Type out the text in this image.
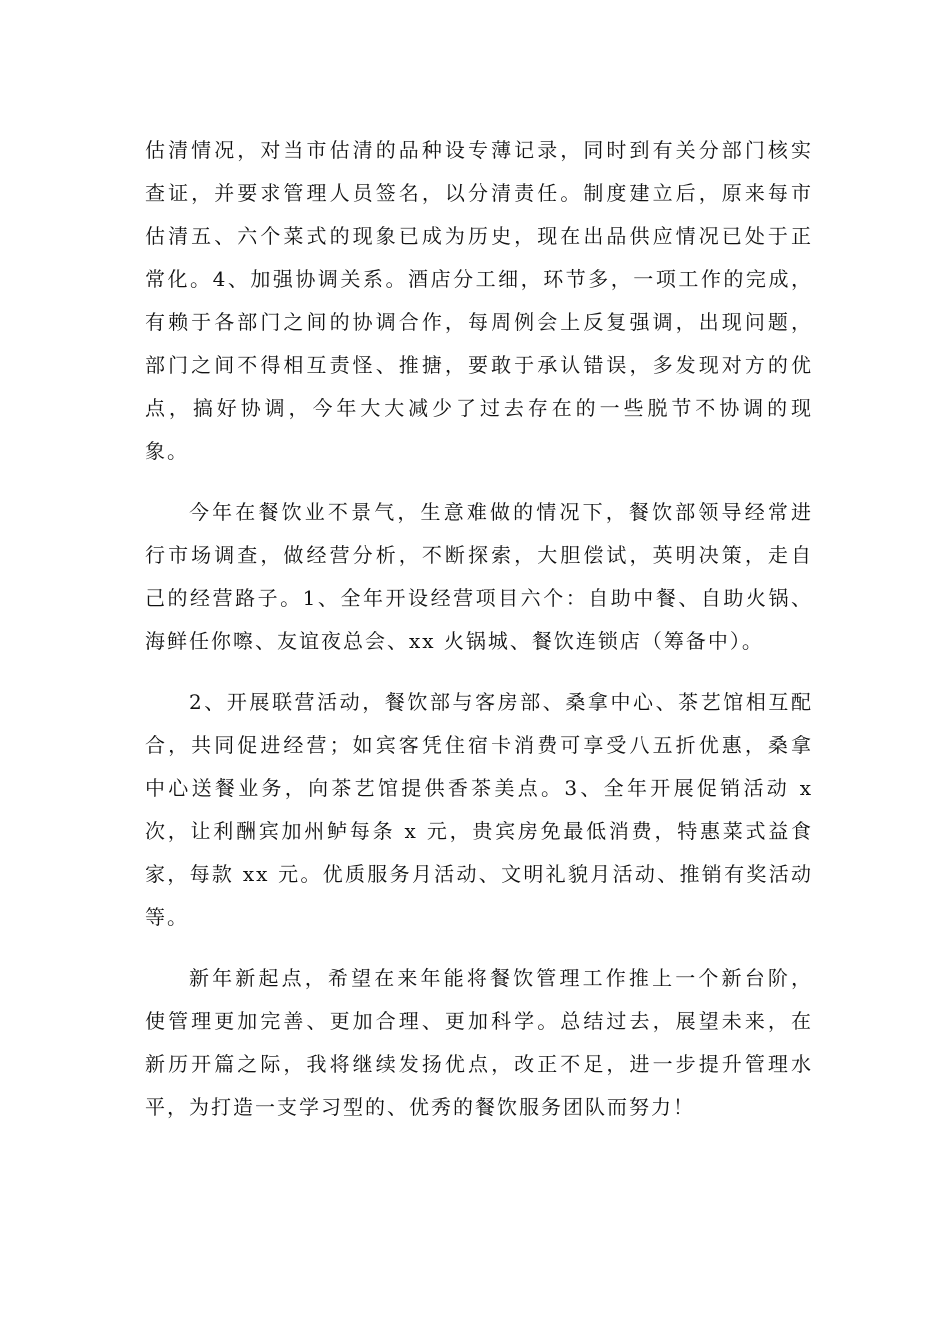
估清情况，对当市估清的品种设专薄记录，同时到有关分部门核实
查证，并要求管理人员签名，以分清责任。制度建立后，原来每市
估清五、六个菜式的现象已成为历史，现在出品供应情况已处于正
常化。4、加强协调关系。酒店分工细，环节多，一项工作的完成，
有赖于各部门之间的协调合作，每周例会上反复强调，出现问题，
部门之间不得相互责怪、推搪，要敢于承认错误，多发现对方的优
点，搞好协调，今年大大减少了过去存在的一些脱节不协调的现
象。
今年在餐饮业不景气，生意难做的情况下，餐饮部领导经常进
行市场调查，做经营分析，不断探索，大胆偿试，英明决策，走自
己的经营路子。1、全年开设经营项目六个：自助中餐、自助火锅、
海鲜任你嚓、友谊夜总会、xx 火锅城、餐饮连锁店（筹备中）。
2、开展联营活动，餐饮部与客房部、桑拿中心、茶艺馆相互配
合，共同促进经营；如宾客凭住宿卡消费可享受八五折优惠，桑拿
中心送餐业务，向茶艺馆提供香茶美点。3、全年开展促销活动 x
次，让利酬宾加州鲈每条 x 元，贵宾房免最低消费，特惠菜式益食
家，每款 xx 元。优质服务月活动、文明礼貌月活动、推销有奖活动
等。
新年新起点，希望在来年能将餐饮管理工作推上一个新台阶，
使管理更加完善、更加合理、更加科学。总结过去，展望未来，在
新历开篇之际，我将继续发扬优点，改正不足，进一步提升管理水
平，为打造一支学习型的、优秀的餐饮服务团队而努力！
